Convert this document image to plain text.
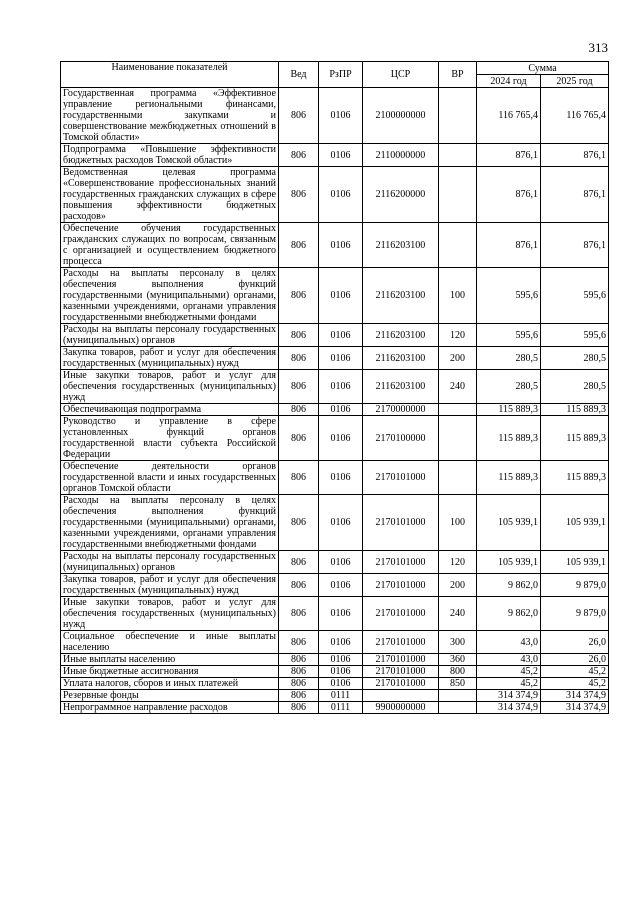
313
Наименование показателей	Вед	РзПР	ЦСР	ВР	Сумма	
					2024 год	2025 год
Государственная программа «Эффективное управление региональными финансами, государственными закупками и совершенствование межбюджетных отношений в Томской области»	806	0106	2100000000		116 765,4	116 765,4
Подпрограмма «Повышение эффективности бюджетных расходов Томской области»	806	0106	2110000000		876,1	876,1
Ведомственная целевая программа «Совершенствование профессиональных знаний государственных гражданских служащих в сфере повышения эффективности бюджетных расходов»	806	0106	2116200000		876,1	876,1
Обеспечение обучения государственных гражданских служащих по вопросам, связанным с организацией и осуществлением бюджетного процесса	806	0106	2116203100		876,1	876,1
Расходы на выплаты персоналу в целях обеспечения выполнения функций государственными (муниципальными) органами, казенными учреждениями, органами управления государственными внебюджетными фондами	806	0106	2116203100	100	595,6	595,6
Расходы на выплаты персоналу государственных (муниципальных) органов	806	0106	2116203100	120	595,6	595,6
Закупка товаров, работ и услуг для обеспечения государственных (муниципальных) нужд	806	0106	2116203100	200	280,5	280,5
Иные закупки товаров, работ и услуг для обеспечения государственных (муниципальных) нужд	806	0106	2116203100	240	280,5	280,5
Обеспечивающая подпрограмма	806	0106	2170000000		115 889,3	115 889,3
Руководство и управление в сфере установленных функций органов государственной власти субъекта Российской Федерации	806	0106	2170100000		115 889,3	115 889,3
Обеспечение деятельности органов государственной власти и иных государственных органов Томской области	806	0106	2170101000		115 889,3	115 889,3
Расходы на выплаты персоналу в целях обеспечения выполнения функций государственными (муниципальными) органами, казенными учреждениями, органами управления государственными внебюджетными фондами	806	0106	2170101000	100	105 939,1	105 939,1
Расходы на выплаты персоналу государственных (муниципальных) органов	806	0106	2170101000	120	105 939,1	105 939,1
Закупка товаров, работ и услуг для обеспечения государственных (муниципальных) нужд	806	0106	2170101000	200	9 862,0	9 879,0
Иные закупки товаров, работ и услуг для обеспечения государственных (муниципальных) нужд	806	0106	2170101000	240	9 862,0	9 879,0
Социальное обеспечение и иные выплаты населению	806	0106	2170101000	300	43,0	26,0
Иные выплаты населению	806	0106	2170101000	360	43,0	26,0
Иные бюджетные ассигнования	806	0106	2170101000	800	45,2	45,2
Уплата налогов, сборов и иных платежей	806	0106	2170101000	850	45,2	45,2
Резервные фонды	806	0111			314 374,9	314 374,9
Непрограммное направление расходов	806	0111	9900000000		314 374,9	314 374,9
